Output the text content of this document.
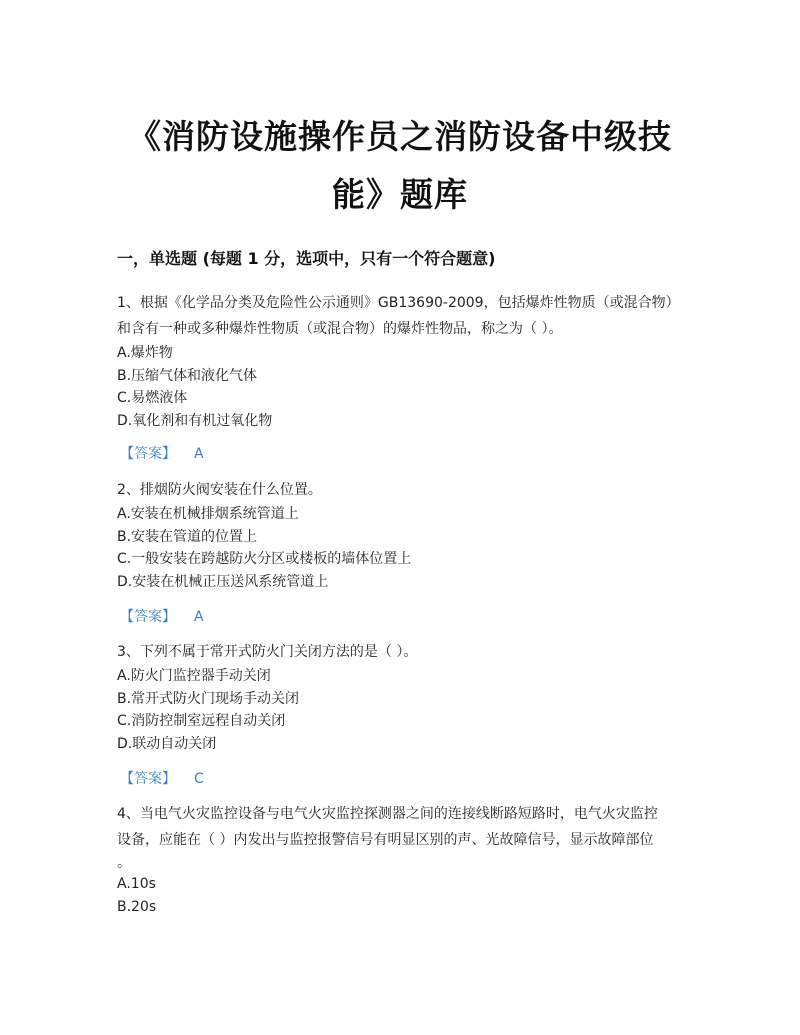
《消防设施操作员之消防设备中级技
能》题库
一，单选题 (每题 1 分，选项中，只有一个符合题意)
1、根据《化学品分类及危险性公示通则》GB13690-2009，包括爆炸性物质（或混合物）
和含有一种或多种爆炸性物质（或混合物）的爆炸性物品，称之为（ ）。
A.爆炸物
B.压缩气体和液化气体
C.易燃液体
D.氧化剂和有机过氧化物
【答案】 A
2、排烟防火阀安装在什么位置。
A.安装在机械排烟系统管道上
B.安装在管道的位置上
C.一般安装在跨越防火分区或楼板的墙体位置上
D.安装在机械正压送风系统管道上
【答案】 A
3、下列不属于常开式防火门关闭方法的是（ ）。
A.防火门监控器手动关闭
B.常开式防火门现场手动关闭
C.消防控制室远程自动关闭
D.联动自动关闭
【答案】 C
4、当电气火灾监控设备与电气火灾监控探测器之间的连接线断路短路时，电气火灾监控
设备，应能在（ ）内发出与监控报警信号有明显区别的声、光故障信号，显示故障部位
。
A.10s
B.20s
